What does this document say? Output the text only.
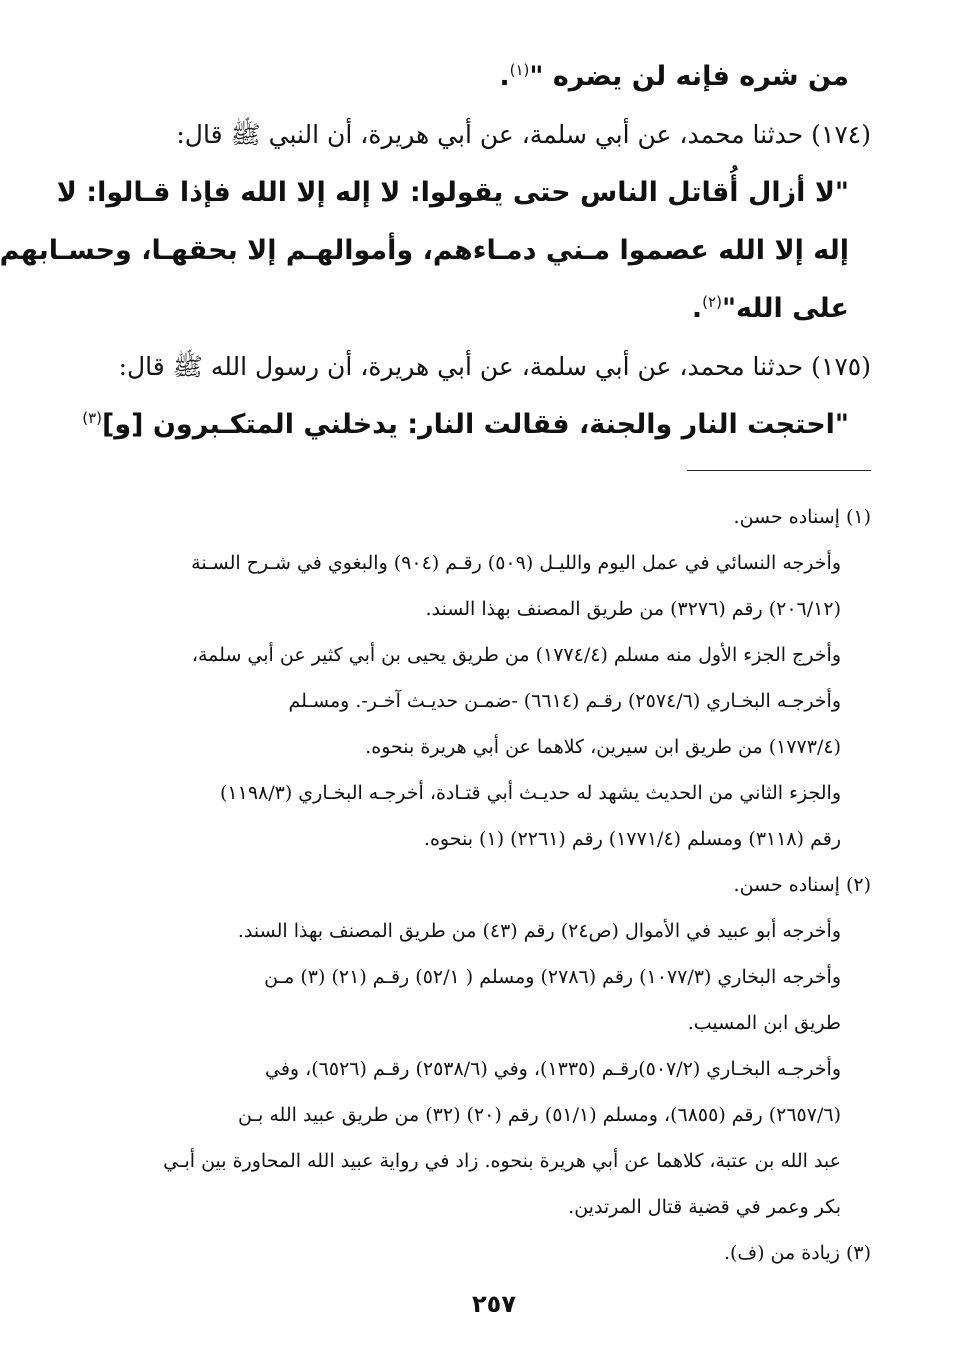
من شره فإنه لن يضره "$^{(١)}$.
(١٧٤) حدثنا محمد، عن أبي سلمة، عن أبي هريرة، أن النبي ﷺ قال:
"لا أزال أُقاتل الناس حتى يقولوا: لا إله إلا الله فإذا قـالوا: لا
إله إلا الله عصموا مـني دمـاءهم، وأموالهـم إلا بحقهـا، وحسـابهم
على الله"$^{(٢)}$.
(١٧٥) حدثنا محمد، عن أبي سلمة، عن أبي هريرة، أن رسول الله ﷺ قال:
"احتجت النار والجنة، فقالت النار: يدخلني المتكـبرون [و]$^{(٣)}$
(١) إسناده حسن.
وأخرجه النسائي في عمل اليوم والليـل (٥٠٩) رقـم (٩٠٤) والبغوي في شـرح السـنة
(٢٠٦/١٢) رقم (٣٢٧٦) من طريق المصنف بهذا السند.
وأخرج الجزء الأول منه مسلم (١٧٧٤/٤) من طريق يحيى بن أبي كثير عن أبي سلمة،
وأخرجـه البخـاري (٢٥٧٤/٦) رقـم (٦٦١٤) -ضمـن حديـث آخـر-. ومسـلم
(١٧٧٣/٤) من طريق ابن سيرين، كلاهما عن أبي هريرة بنحوه.
والجزء الثاني من الحديث يشهد له حديـث أبي قتـادة، أخرجـه البخـاري (١١٩٨/٣)
رقم (٣١١٨) ومسلم (١٧٧١/٤) رقم (٢٢٦١) (١) بنحوه.
(٢) إسناده حسن.
وأخرجه أبو عبيد في الأموال (ص٢٤) رقم (٤٣) من طريق المصنف بهذا السند.
وأخرجه البخاري (١٠٧٧/٣) رقم (٢٧٨٦) ومسلم ( ٥٢/١) رقـم (٢١) (٣) مـن
طريق ابن المسيب.
وأخرجـه البخـاري (٥٠٧/٢)رقـم (١٣٣٥)، وفي (٢٥٣٨/٦) رقـم (٦٥٢٦)، وفي
(٢٦٥٧/٦) رقم (٦٨٥٥)، ومسلم (٥١/١) رقم (٢٠) (٣٢) من طريق عبيد الله بـن
عبد الله بن عتبة، كلاهما عن أبي هريرة بنحوه. زاد في رواية عبيد الله المحاورة بين أبـي
بكر وعمر في قضية قتال المرتدين.
(٣) زيادة من (ف).
٢٥٧
